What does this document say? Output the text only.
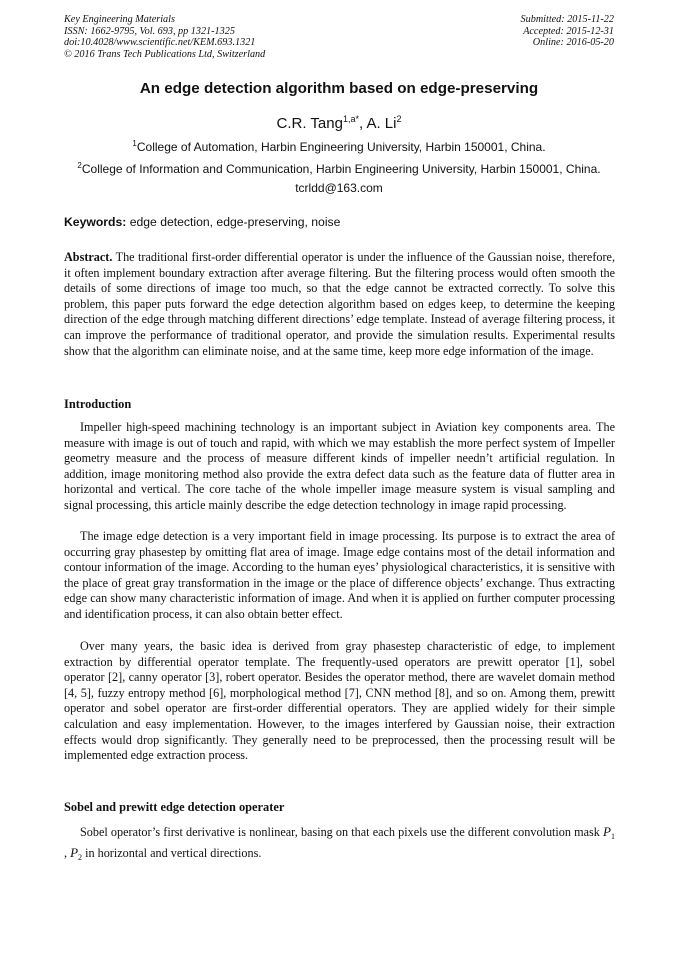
Key Engineering Materials
ISSN: 1662-9795, Vol. 693, pp 1321-1325
doi:10.4028/www.scientific.net/KEM.693.1321
© 2016 Trans Tech Publications Ltd, Switzerland
Submitted: 2015-11-22
Accepted: 2015-12-31
Online: 2016-05-20
An edge detection algorithm based on edge-preserving
C.R. Tang$^{1,a*}$, A. Li$^2$
$^1$College of Automation, Harbin Engineering University, Harbin 150001, China.
$^2$College of Information and Communication, Harbin Engineering University, Harbin 150001, China.
tcrldd@163.com
Keywords: edge detection, edge-preserving, noise
Abstract. The traditional first-order differential operator is under the influence of the Gaussian noise, therefore, it often implement boundary extraction after average filtering. But the filtering process would often smooth the details of some directions of image too much, so that the edge cannot be extracted correctly. To solve this problem, this paper puts forward the edge detection algorithm based on edges keep, to determine the keeping direction of the edge through matching different directions’ edge template. Instead of average filtering process, it can improve the performance of traditional operator, and provide the simulation results. Experimental results show that the algorithm can eliminate noise, and at the same time, keep more edge information of the image.
Introduction
Impeller high-speed machining technology is an important subject in Aviation key components area. The measure with image is out of touch and rapid, with which we may establish the more perfect system of Impeller geometry measure and the process of measure different kinds of impeller needn’t artificial regulation. In addition, image monitoring method also provide the extra defect data such as the feature data of flutter area in horizontal and vertical. The core tache of the whole impeller image measure system is visual sampling and signal processing, this article mainly describe the edge detection technology in image rapid processing.
The image edge detection is a very important field in image processing. Its purpose is to extract the area of occurring gray phasestep by omitting flat area of image. Image edge contains most of the detail information and contour information of the image. According to the human eyes’ physiological characteristics, it is sensitive with the place of great gray transformation in the image or the place of difference objects’ exchange. Thus extracting edge can show many characteristic information of image. And when it is applied on further computer processing and identification process, it can also obtain better effect.
Over many years, the basic idea is derived from gray phasestep characteristic of edge, to implement extraction by differential operator template. The frequently-used operators are prewitt operator [1], sobel operator [2], canny operator [3], robert operator. Besides the operator method, there are wavelet domain method [4, 5], fuzzy entropy method [6], morphological method [7], CNN method [8], and so on. Among them, prewitt operator and sobel operator are first-order differential operators. They are applied widely for their simple calculation and easy implementation. However, to the images interfered by Gaussian noise, their extraction effects would drop significantly. They generally need to be preprocessed, then the processing result will be implemented edge extraction process.
Sobel and prewitt edge detection operater
Sobel operator’s first derivative is nonlinear, basing on that each pixels use the different convolution mask $P_1$ , $P_2$ in horizontal and vertical directions.
